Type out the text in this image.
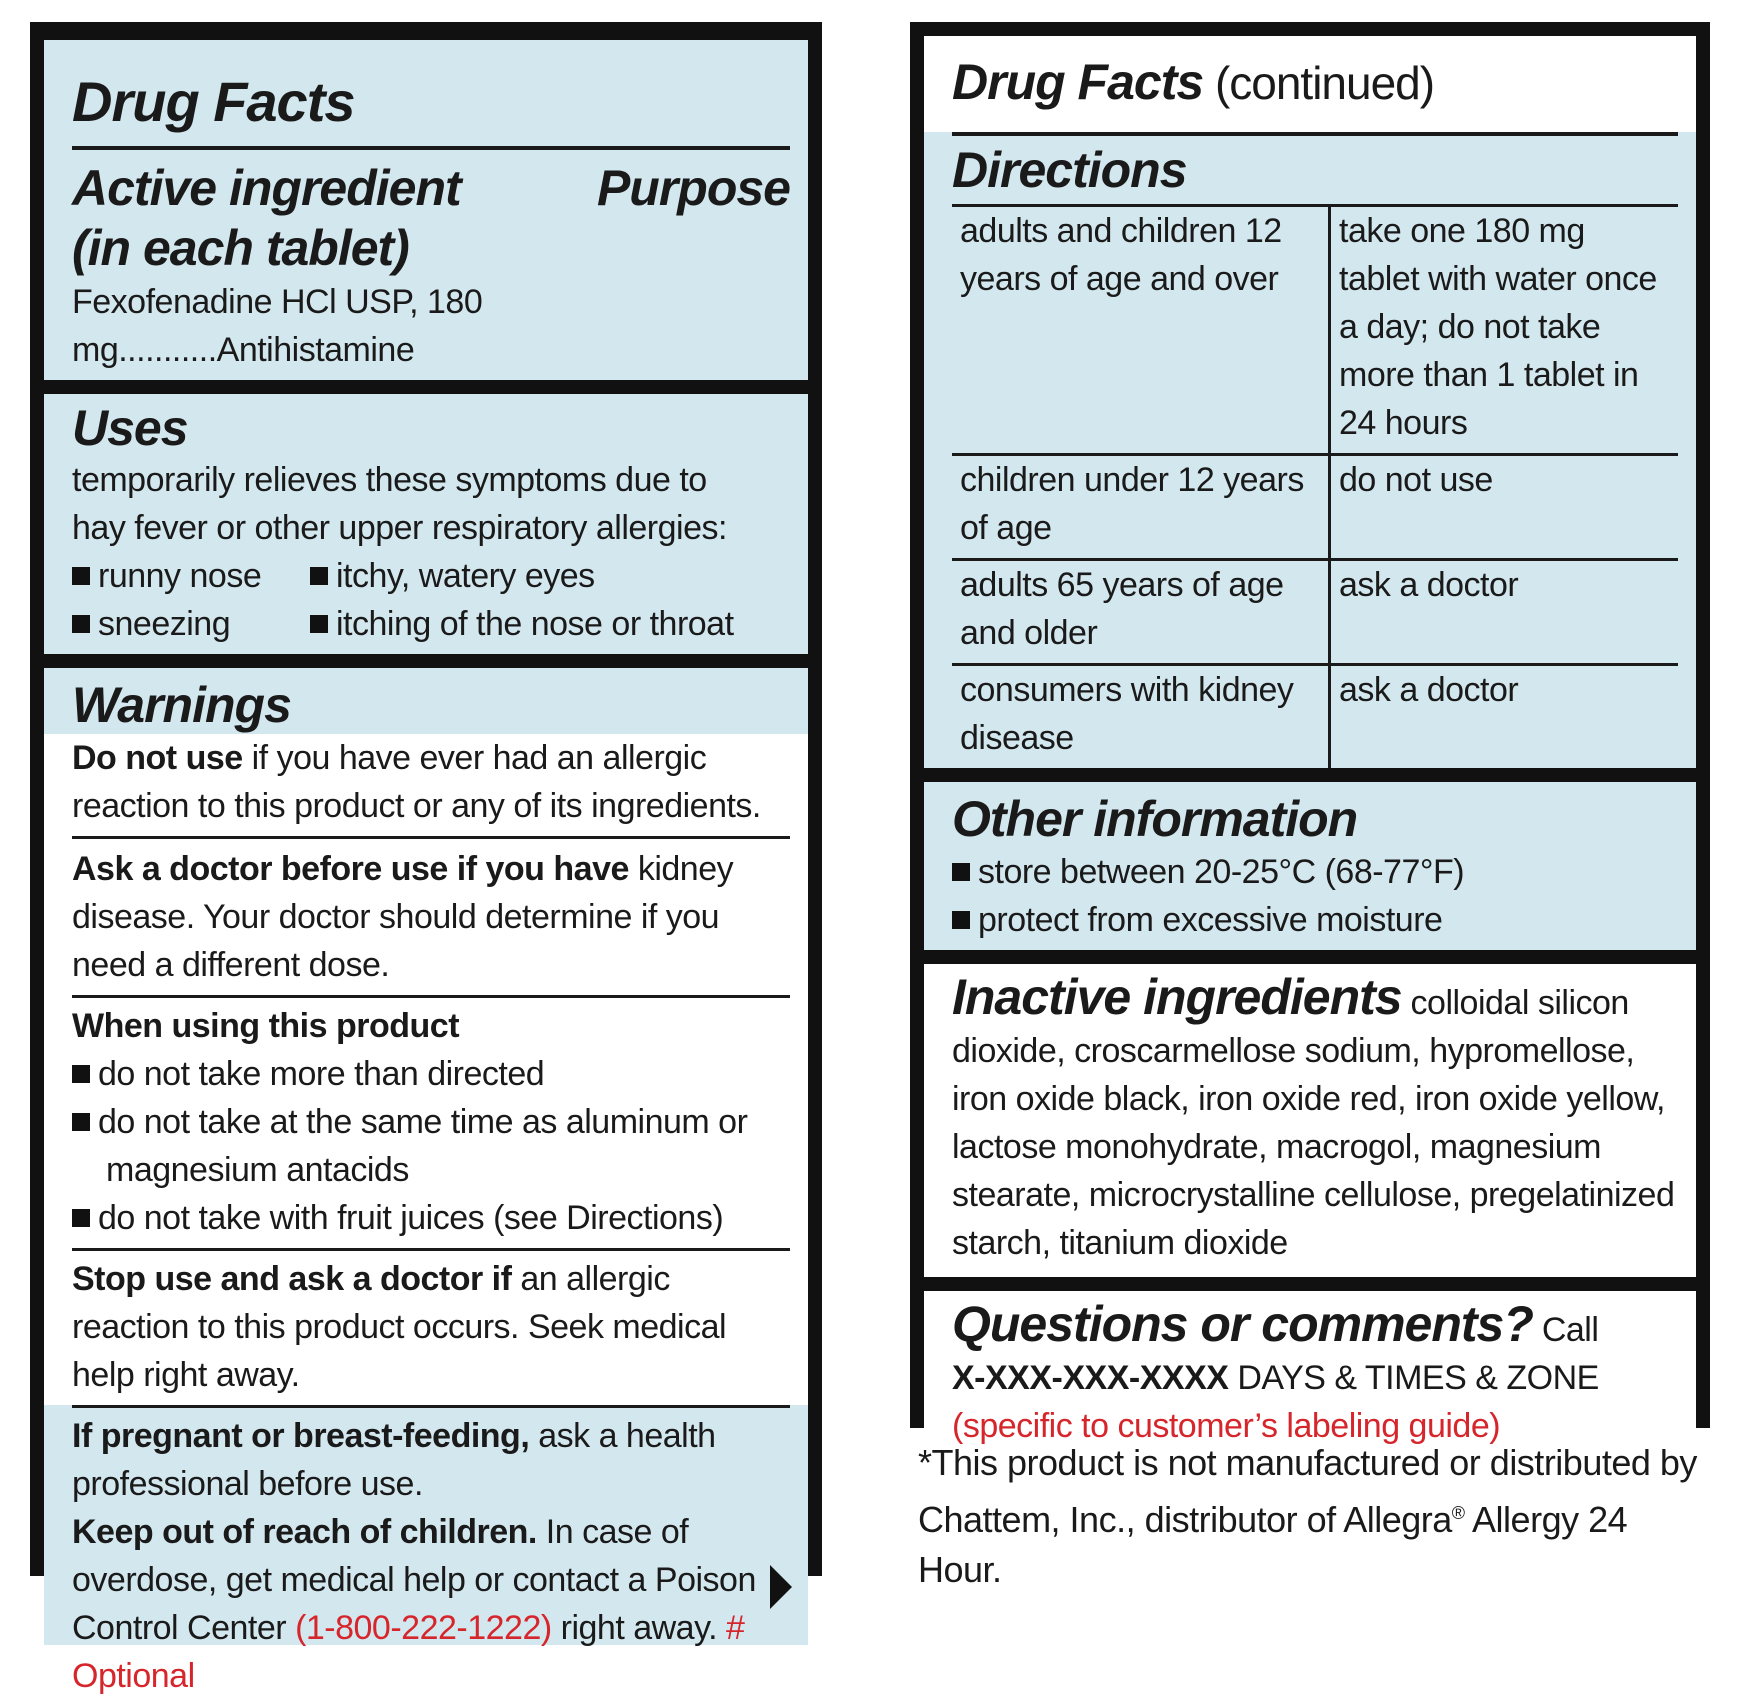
Drug Facts
Active ingredient
(in each tablet)
Purpose
Fexofenadine HCl USP, 180 mg...........Antihistamine
Uses
temporarily relieves these symptoms due to hay fever or other upper respiratory allergies:
runny nose	itchy, watery eyes
sneezing	itching of the nose or throat
Warnings
Do not use if you have ever had an allergic reaction to this product or any of its ingredients.
Ask a doctor before use if you have kidney disease. Your doctor should determine if you need a different dose.
When using this product
do not take more than directed
do not take at the same time as aluminum or magnesium antacids
do not take with fruit juices (see Directions)
Stop use and ask a doctor if an allergic reaction to this product occurs. Seek medical help right away.
If pregnant or breast-feeding, ask a health professional before use.
Keep out of reach of children. In case of overdose, get medical help or contact a Poison Control Center (1-800-222-1222) right away. # Optional
Drug Facts (continued)
Directions
adults and children 12 years of age and over	take one 180 mg tablet with water once a day; do not take more than 1 tablet in 24 hours
children under 12 years of age	do not use
adults 65 years of age and older	ask a doctor
consumers with kidney disease	ask a doctor
Other information
store between 20-25°C (68-77°F)
protect from excessive moisture
Inactive ingredients colloidal silicon dioxide, croscarmellose sodium, hypromellose, iron oxide black, iron oxide red, iron oxide yellow, lactose monohydrate, macrogol, magnesium stearate, microcrystalline cellulose, pregelatinized starch, titanium dioxide
Questions or comments? Call
X-XXX-XXX-XXXX DAYS & TIMES & ZONE (specific to customer’s labeling guide)
*This product is not manufactured or distributed by Chattem, Inc., distributor of Allegra® Allergy 24 Hour.
